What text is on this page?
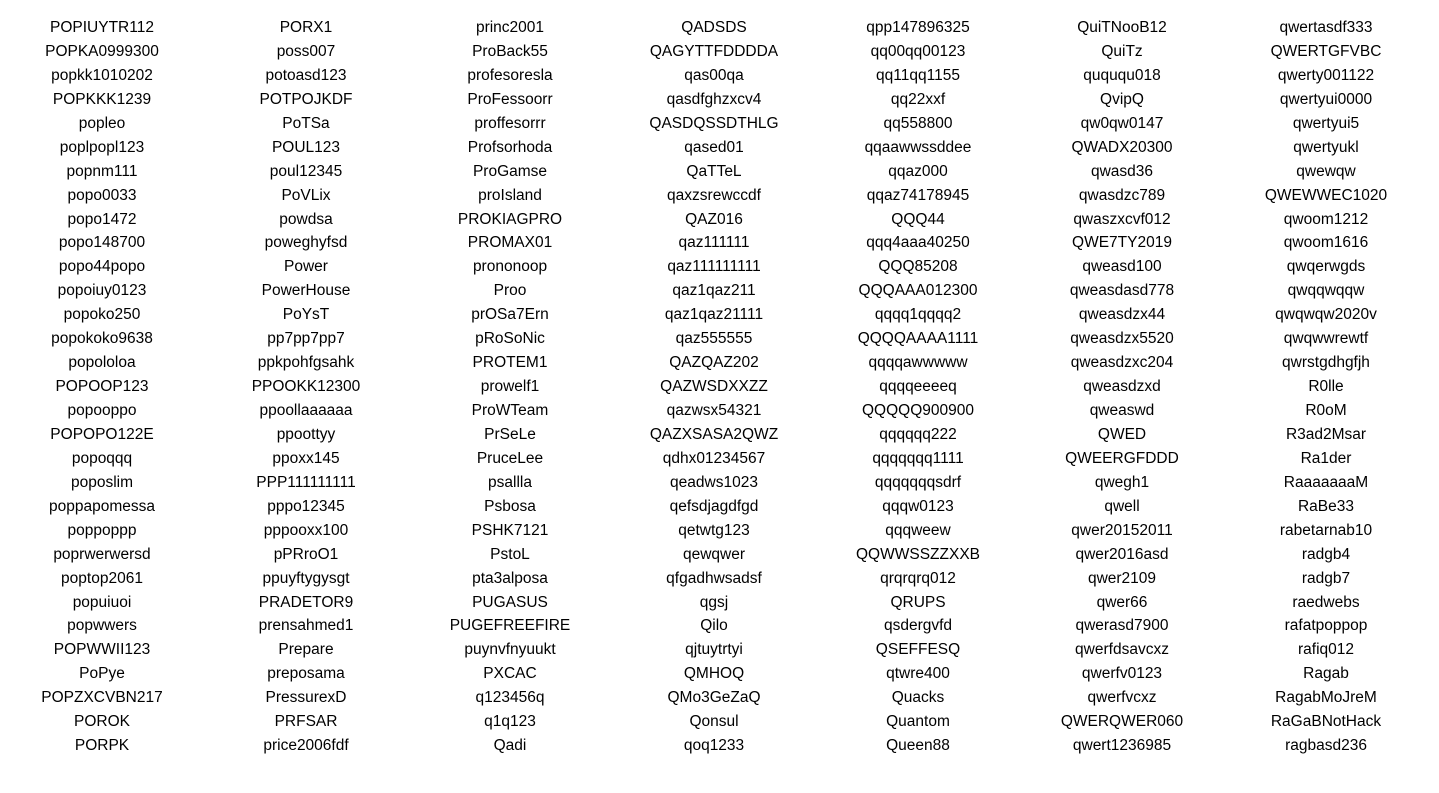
POPIUYTR112
POPKA0999300
popkk1010202
POPKKK1239
popleo
poplpopl123
popnm111
popo0033
popo1472
popo148700
popo44popo
popoiuy0123
popoko250
popokoko9638
popololoa
POPOOP123
popooppo
POPOPO122E
popoqqq
poposlim
poppapomessa
poppoppp
poprwerwersd
poptop2061
popuiuoi
popwwers
POPWWII123
PoPye
POPZXCVBN217
POROK
PORPK
PORX1
poss007
potoasd123
POTPOJKDF
PoTSa
POUL123
poul12345
PoVLix
powdsa
poweghyfsd
Power
PowerHouse
PoYsT
pp7pp7pp7
ppkpohfgsahk
PPOOKK12300
ppoollaaaaaa
ppoottyy
ppoxx145
PPP111111111
pppo12345
pppooxx100
pPRroO1
ppuyftygysgt
PRADETOR9
prensahmed1
Prepare
preposama
PressurexD
PRFSAR
price2006fdf
princ2001
ProBack55
profesoresla
ProFessoorr
proffesorrr
Profsorhoda
ProGamse
proIsland
PROKIAGPRO
PROMAX01
prononoop
Proo
prOSa7Ern
pRoSoNic
PROTEM1
prowelf1
ProWTeam
PrSeLe
PruceLee
psallla
Psbosa
PSHK7121
PstoL
pta3alposa
PUGASUS
PUGEFREEFIRE
puynvfnyuukt
PXCAC
q123456q
q1q123
Qadi
QADSDS
QAGYTTFDDDDA
qas00qa
qasdfghzxcv4
QASDQSSDTHLG
qased01
QaTTeL
qaxzsrewccdf
QAZ016
qaz111111
qaz111111111
qaz1qaz211
qaz1qaz21111
qaz555555
QAZQAZ202
QAZWSDXXZZ
qazwsx54321
QAZXSASA2QWZ
qdhx01234567
qeadws1023
qefsdjagdfgd
qetwtg123
qewqwer
qfgadhwsadsf
qgsj
Qilo
qjtuytrtyi
QMHOQ
QMo3GeZaQ
Qonsul
qoq1233
qpp147896325
qq00qq00123
qq11qq1155
qq22xxf
qq558800
qqaawwssddee
qqaz000
qqaz74178945
QQQ44
qqq4aaa40250
QQQ85208
QQQAAA012300
qqqq1qqqq2
QQQQAAAA1111
qqqqawwwww
qqqqeeeeq
QQQQQ900900
qqqqqq222
qqqqqqq1111
qqqqqqqsdrf
qqqw0123
qqqweew
QQWWSSZZXXB
qrqrqrq012
QRUPS
qsdergvfd
QSEFFESQ
qtwre400
Quacks
Quantom
Queen88
QuiTNooB12
QuiTz
quququ018
QvipQ
qw0qw0147
QWADX20300
qwasd36
qwasdzc789
qwaszxcvf012
QWE7TY2019
qweasd100
qweasdasd778
qweasdzx44
qweasdzx5520
qweasdzxc204
qweasdzxd
qweaswd
QWED
QWEERGFDDD
qwegh1
qwell
qwer20152011
qwer2016asd
qwer2109
qwer66
qwerasd7900
qwerfdsavcxz
qwerfv0123
qwerfvcxz
QWERQWER060
qwert1236985
qwertasdf333
QWERTGFVBC
qwerty001122
qwertyui0000
qwertyui5
qwertyukl
qwewqw
QWEWWEC1020
qwoom1212
qwoom1616
qwqerwgds
qwqqwqqw
qwqwqw2020v
qwqwwrewtf
qwrstgdhgfjh
R0lle
R0oM
R3ad2Msar
Ra1der
RaaaaaaaM
RaBe33
rabetarnab10
radgb4
radgb7
raedwebs
rafatpoppop
rafiq012
Ragab
RagabMoJreM
RaGaBNotHack
ragbasd236
